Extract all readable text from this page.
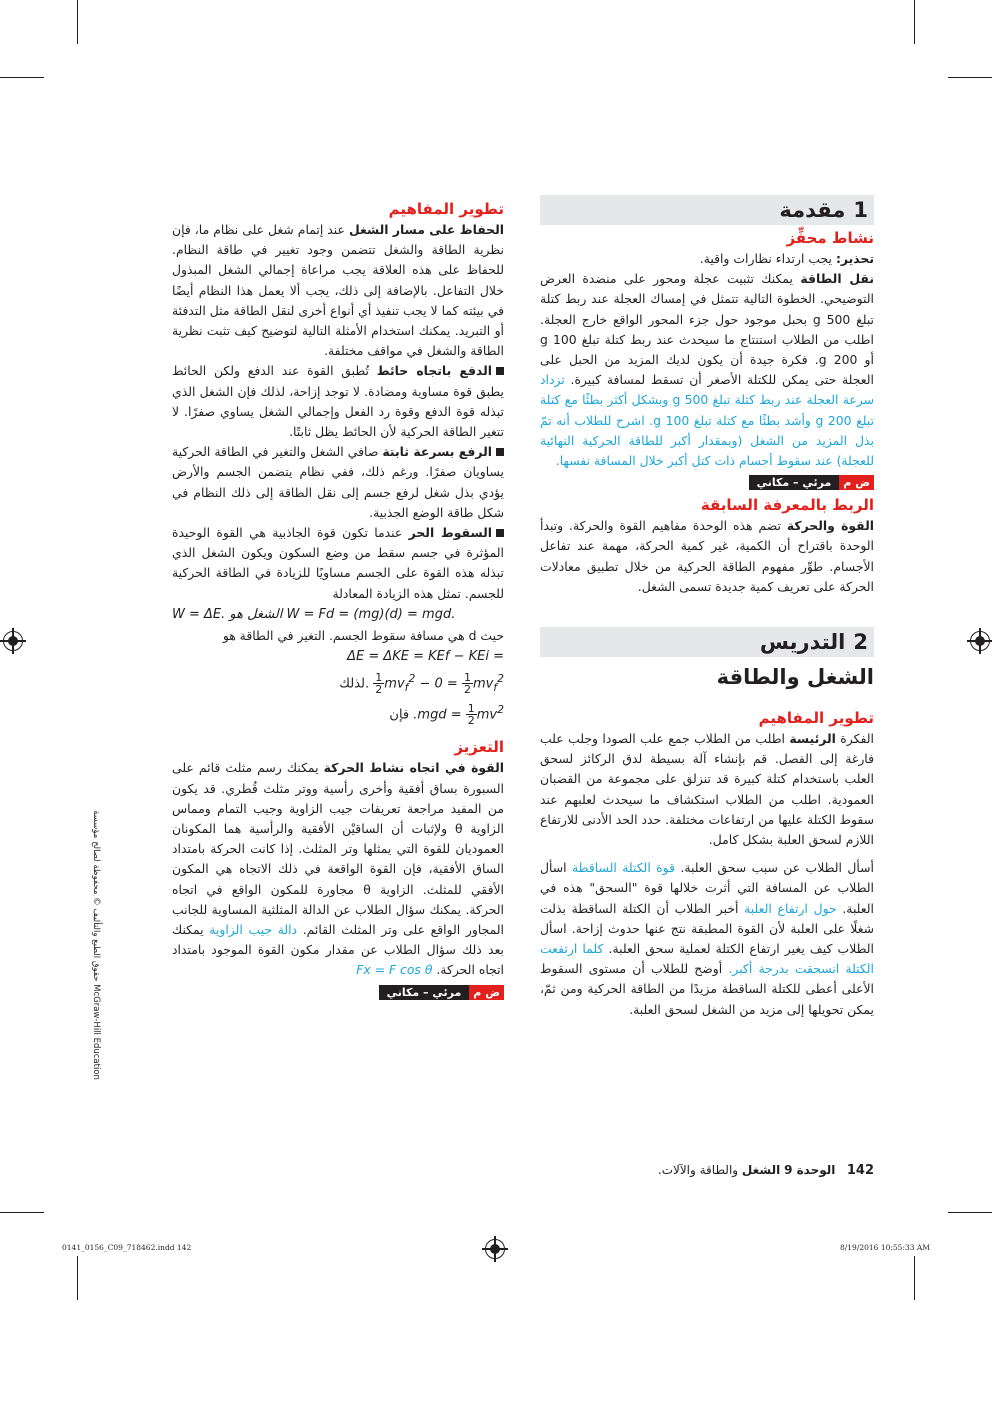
McGraw-Hill Education حقوق الطبع والتأليف © محفوظة لصالح مؤسسة
1
مقدمة
نشاط محفِّز

تحذير: يجب ارتداء نظارات واقية.

نقل الطاقة يمكنك تثبيت عجلة ومحور على منضدة العرض التوضيحي. الخطوة التالية تتمثل في إمساك العجلة عند ربط كتلة تبلغ 500 g بحبل موجود حول جزء المحور الواقع خارج العجلة. اطلب من الطلاب استنتاج ما سيحدث عند ربط كتلة تبلغ 100 g أو 200 g. فكرة جيدة أن يكون لديك المزيد من الحبل على العجلة حتى يمكن للكتلة الأصغر أن تسقط لمسافة كبيرة. تزداد سرعة العجلة عند ربط كتلة تبلغ 500 g وبشكل أكثر بطئًا مع كتلة تبلغ 200 g وأشد بطئًا مع كتلة تبلغ 100 g. اشرح للطلاب أنه تمّ بذل المزيد من الشغل (وبمقدار أكبر للطاقة الحركية النهائية للعجلة) عند سقوط أجسام ذات كتل أكبر خلال المسافة نفسها.

ض م
مرئي – مكاني
الربط بالمعرفة السابقة

القوة والحركة تضم هذه الوحدة مفاهيم القوة والحركة. وتبدأ الوحدة باقتراح أن الكمية، غير كمية الحركة، مهمة عند تفاعل الأجسام. طوِّر مفهوم الطاقة الحركية من خلال تطبيق معادلات الحركة على تعريف كمية جديدة تسمى الشغل.

2
التدريس
الشغل والطاقة
تطوير المفاهيم

الفكرة الرئيسة اطلب من الطلاب جمع علب الصودا وجلب علب فارغة إلى الفصل. قم بإنشاء آلة بسيطة لدق الركائز لسحق العلب باستخدام كتلة كبيرة قد تنزلق على مجموعة من القضبان العمودية. اطلب من الطلاب استكشاف ما سيحدث لعلبهم عند سقوط الكتلة عليها من ارتفاعات مختلفة. حدد الحد الأدنى للارتفاع اللازم لسحق العلبة بشكل كامل.

أسأل الطلاب عن سبب سحق العلبة. قوة الكتلة الساقطة اسأل الطلاب عن المسافة التي أثرت خلالها قوة "السحق" هذه في العلبة. حول ارتفاع العلبة أخبر الطلاب أن الكتلة الساقطة بذلت شغلًا على العلبة لأن القوة المطبقة نتج عنها حدوث إزاحة. اسأل الطلاب كيف يغير ارتفاع الكتلة لعملية سحق العلبة. كلما ارتفعت الكتلة انسحقت بدرجة أكبر. أوضح للطلاب أن مستوى السقوط الأعلى أعطى للكتلة الساقطة مزيدًا من الطاقة الحركية ومن ثمّ، يمكن تحويلها إلى مزيد من الشغل لسحق العلبة.

تطوير المفاهيم

الحفاظ على مسار الشغل عند إتمام شغل على نظام ما، فإن نظرية الطاقة والشغل تتضمن وجود تغيير في طاقة النظام. للحفاظ على هذه العلاقة يجب مراعاة إجمالي الشغل المبذول خلال التفاعل. بالإضافة إلى ذلك، يجب ألا يعمل هذا النظام أيضًا في بيئته كما لا يجب تنفيذ أي أنواع أخرى لنقل الطاقة مثل التدفئة أو التبريد. يمكنك استخدام الأمثلة التالية لتوضيح كيف تثبت نظرية الطاقة والشغل في مواقف مختلفة.

الدفع باتجاه حائط تُطبق القوة عند الدفع ولكن الحائط يطبق قوة مساوية ومضادة. لا توجد إزاحة، لذلك فإن الشغل الذي تبذله قوة الدفع وقوة رد الفعل وإجمالي الشغل يساوي صفرًا. لا تتغير الطاقة الحركية لأن الحائط يظل ثابتًا.

الرفع بسرعة ثابتة صافي الشغل والتغير في الطاقة الحركية يساويان صفرًا. ورغم ذلك، ففي نظام يتضمن الجسم والأرض يؤدي بذل شغل لرفع جسم إلى نقل الطاقة إلى ذلك النظام في شكل طاقة الوضع الجذبية.

السقوط الحر عندما تكون قوة الجاذبية هي القوة الوحيدة المؤثرة في جسم سقط من وضع السكون ويكون الشغل الذي تبذله هذه القوة على الجسم مساويًا للزيادة في الطاقة الحركية للجسم. تمثل هذه الزيادة المعادلة

W = ΔE. الشغل هو W = Fd = (mg)(d) = mgd.

حيث d هي مسافة سقوط الجسم. التغير في الطاقة هو

ΔE = ΔKE = KEf − KEi =
لذلك. $\frac{1}{2} mv_f^2 - 0 = \frac{1}{2} mv_f^2$
فإن $.mgd = \frac{1}{2} mv^2$
التعزيز

القوة في اتجاه نشاط الحركة يمكنك رسم مثلث قائم على السبورة بساق أفقية وأخرى رأسية ووتر مثلث قُطري. قد يكون من المفيد مراجعة تعريفات جيب الزاوية وجيب التمام ومماس الزاوية θ ولإثبات أن الساقيْن الأفقية والرأسية هما المكونان العموديان للقوة التي يمثلها وتر المثلث. إذا كانت الحركة بامتداد الساق الأفقية، فإن القوة الواقعة في ذلك الاتجاه هي المكون الأفقي للمثلث. الزاوية θ مجاورة للمكون الواقع في اتجاه الحركة. يمكنك سؤال الطلاب عن الدالة المثلثية المساوية للجانب المجاور الواقع على وتر المثلث القائم. دالة جيب الزاوية يمكنك بعد ذلك سؤال الطلاب عن مقدار مكون القوة الموجود بامتداد اتجاه الحركة. Fx = F cos θ

ض م
مرئي – مكاني
142   الوحدة 9 الشغل والطاقة والآلات.
0141_0156_C09_718462.indd 142	8/19/2016 10:55:33 AM
